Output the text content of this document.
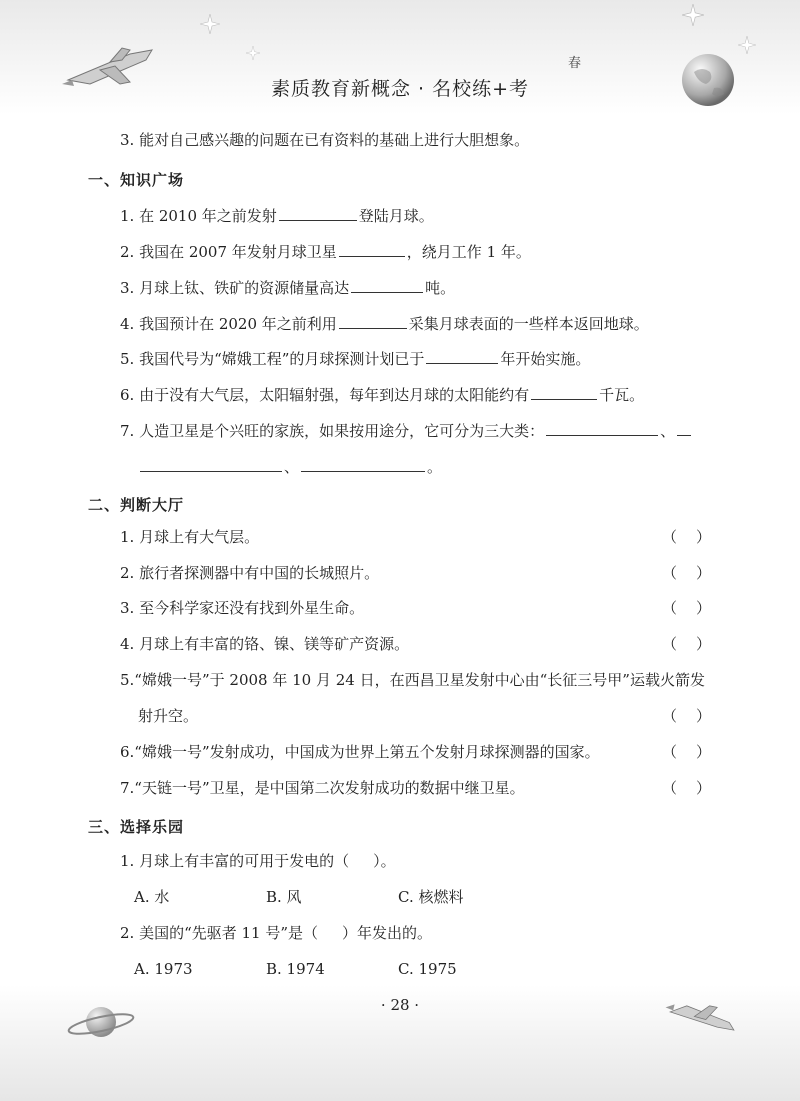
春
素质教育新概念 · 名校练+考
3. 能对自己感兴趣的问题在已有资料的基础上进行大胆想象。
一、知识广场
1. 在 2010 年之前发射	登陆月球。
2. 我国在 2007 年发射月球卫星	，绕月工作 1 年。
3. 月球上钛、铁矿的资源储量高达	吨。
4. 我国预计在 2020 年之前利用	采集月球表面的一些样本返回地球。
5. 我国代号为“嫦娥工程”的月球探测计划已于	年开始实施。
6. 由于没有大气层，太阳辐射强，每年到达月球的太阳能约有	千瓦。
7. 人造卫星是个兴旺的家族，如果按用途分，它可分为三大类：	、
、	。
二、判断大厅
1. 月球上有大气层。	（ ）
2. 旅行者探测器中有中国的长城照片。	（ ）
3. 至今科学家还没有找到外星生命。	（ ）
4. 月球上有丰富的铬、镍、镁等矿产资源。	（ ）
5.“嫦娥一号”于 2008 年 10 月 24 日，在西昌卫星发射中心由“长征三号甲”运载火箭发
射升空。	（ ）
6.“嫦娥一号”发射成功，中国成为世界上第五个发射月球探测器的国家。	（ ）
7.“天链一号”卫星，是中国第二次发射成功的数据中继卫星。	（ ）
三、选择乐园
1. 月球上有丰富的可用于发电的（ ）。
A. 水	B. 风	C. 核燃料
2. 美国的“先驱者 11 号”是（ ）年发出的。
A. 1973	B. 1974	C. 1975
· 28 ·
